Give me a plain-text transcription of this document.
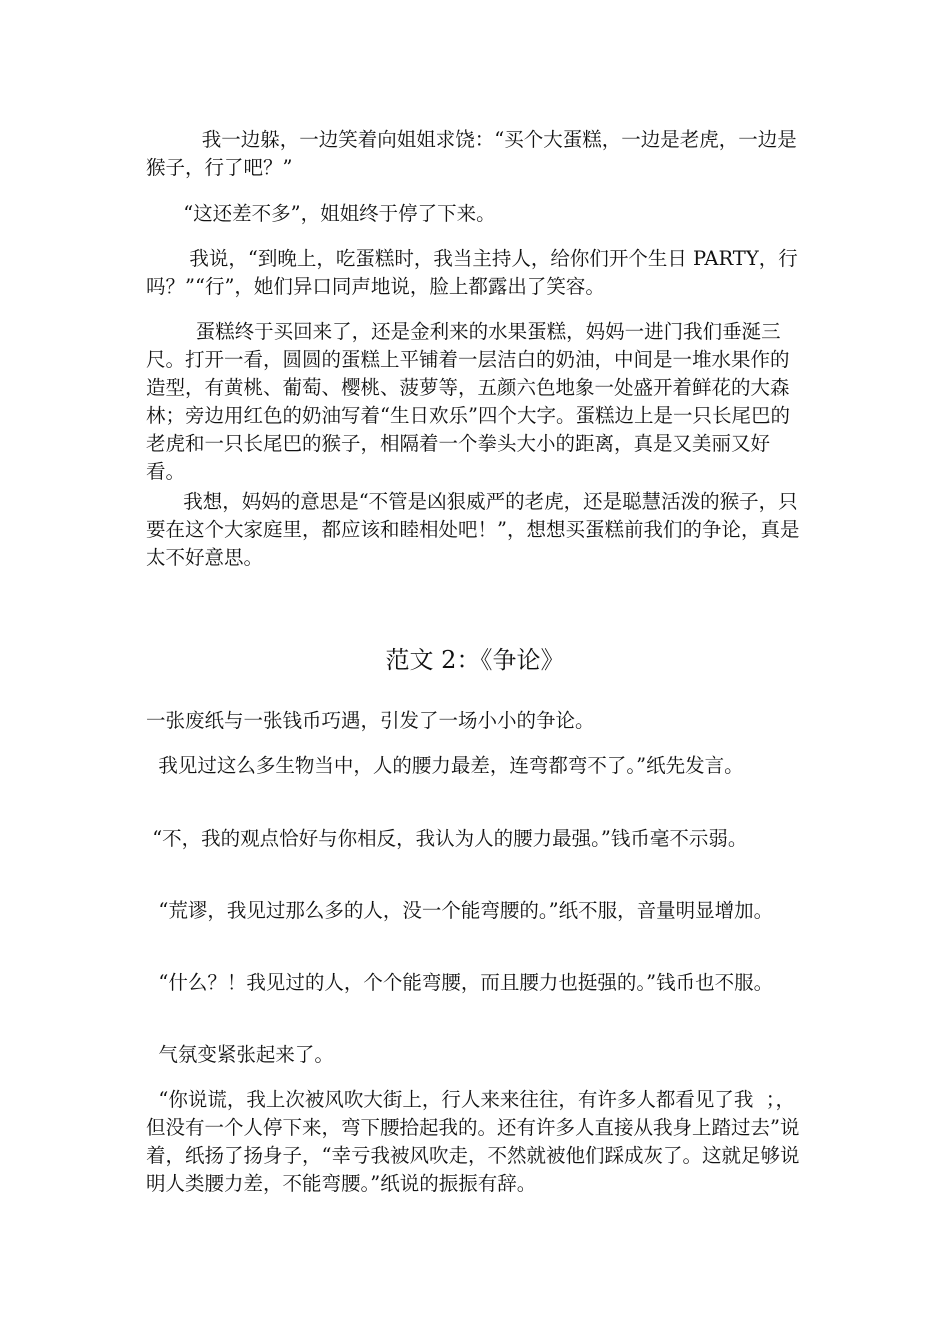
我一边躲，一边笑着向姐姐求饶：“买个大蛋糕，一边是老虎，一边是猴子，行了吧？”

“这还差不多”，姐姐终于停了下来。

我说，“到晚上，吃蛋糕时，我当主持人，给你们开个生日 PARTY，行吗？”“行”，她们异口同声地说，脸上都露出了笑容。

蛋糕终于买回来了，还是金利来的水果蛋糕，妈妈一进门我们垂涎三尺。打开一看，圆圆的蛋糕上平铺着一层洁白的奶油，中间是一堆水果作的造型，有黄桃、葡萄、樱桃、菠萝等，五颜六色地象一处盛开着鲜花的大森林；旁边用红色的奶油写着“生日欢乐”四个大字。蛋糕边上是一只长尾巴的老虎和一只长尾巴的猴子，相隔着一个拳头大小的距离，真是又美丽又好看。

我想，妈妈的意思是“不管是凶狠威严的老虎，还是聪慧活泼的猴子，只要在这个大家庭里，都应该和睦相处吧！”，想想买蛋糕前我们的争论，真是太不好意思。

范文 2：《争论》

一张废纸与一张钱币巧遇，引发了一场小小的争论。

我见过这么多生物当中，人的腰力最差，连弯都弯不了。”纸先发言。

“不，我的观点恰好与你相反，我认为人的腰力最强。”钱币毫不示弱。

“荒谬，我见过那么多的人，没一个能弯腰的。”纸不服，音量明显增加。

“什么？！我见过的人，个个能弯腰，而且腰力也挺强的。”钱币也不服。

气氛变紧张起来了。

“你说谎，我上次被风吹大街上，行人来来往往，有许多人都看见了我  ；，但没有一个人停下来，弯下腰拾起我的。还有许多人直接从我身上踏过去”说着，纸扬了扬身子，“幸亏我被风吹走，不然就被他们踩成灰了。这就足够说明人类腰力差，不能弯腰。”纸说的振振有辞。
